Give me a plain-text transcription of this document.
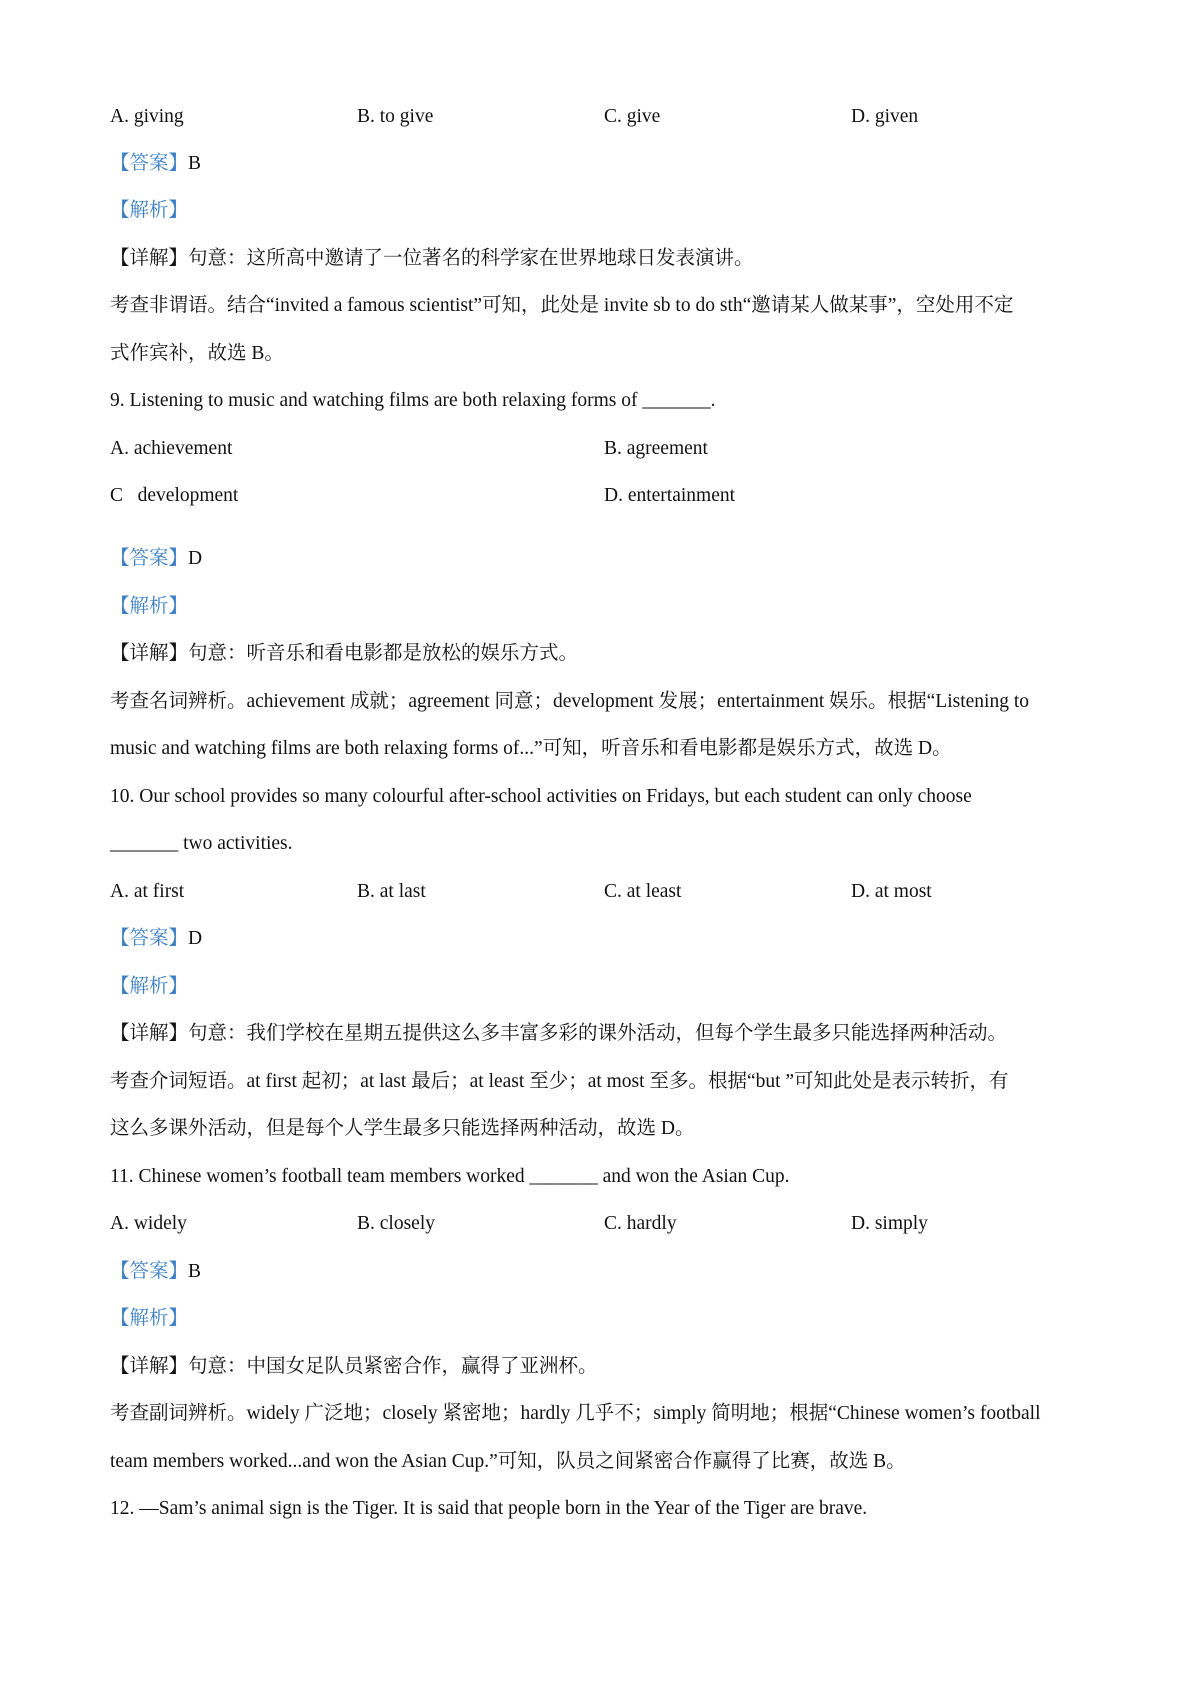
A. giving	B. to give	C. give	D. given
【答案】B
【解析】
【详解】句意：这所高中邀请了一位著名的科学家在世界地球日发表演讲。
考查非谓语。结合“invited a famous scientist”可知，此处是 invite sb to do sth“邀请某人做某事”，空处用不定
式作宾补，故选 B。
9. Listening to music and watching films are both relaxing forms of _______.
A. achievement	B. agreement
C   development	D. entertainment
【答案】D
【解析】
【详解】句意：听音乐和看电影都是放松的娱乐方式。
考查名词辨析。achievement 成就；agreement 同意；development 发展；entertainment 娱乐。根据“Listening to
music and watching films are both relaxing forms of...”可知，听音乐和看电影都是娱乐方式，故选 D。
10. Our school provides so many colourful after-school activities on Fridays, but each student can only choose
_______ two activities.
A. at first	B. at last	C. at least	D. at most
【答案】D
【解析】
【详解】句意：我们学校在星期五提供这么多丰富多彩的课外活动，但每个学生最多只能选择两种活动。
考查介词短语。at first 起初；at last 最后；at least 至少；at most 至多。根据“but ”可知此处是表示转折，有
这么多课外活动，但是每个人学生最多只能选择两种活动，故选 D。
11. Chinese women’s football team members worked _______ and won the Asian Cup.
A. widely	B. closely	C. hardly	D. simply
【答案】B
【解析】
【详解】句意：中国女足队员紧密合作，赢得了亚洲杯。
考查副词辨析。widely 广泛地；closely 紧密地；hardly 几乎不；simply 简明地；根据“Chinese women’s football
team members worked...and won the Asian Cup.”可知，队员之间紧密合作赢得了比赛，故选 B。
12. —Sam’s animal sign is the Tiger. It is said that people born in the Year of the Tiger are brave.
